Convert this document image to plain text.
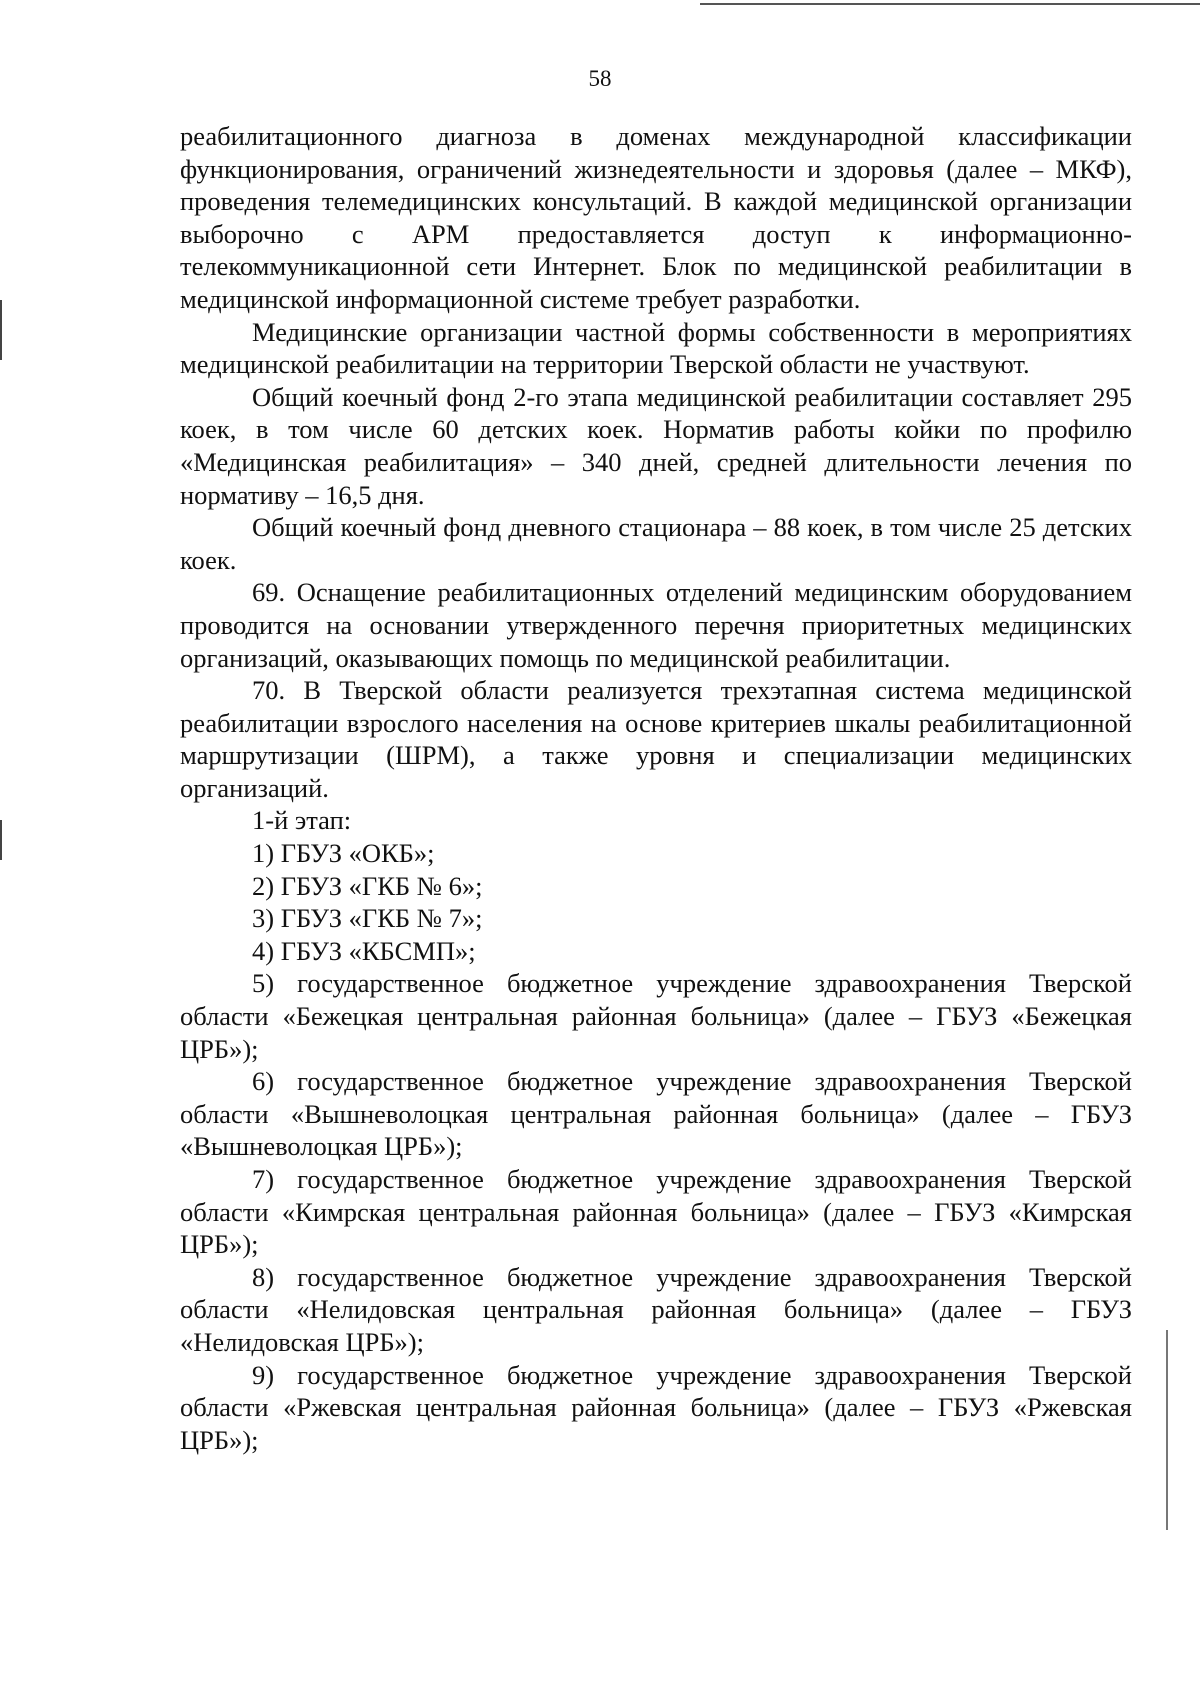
58

реабилитационного диагноза в доменах международной классификации функционирования, ограничений жизнедеятельности и здоровья (далее – МКФ), проведения телемедицинских консультаций. В каждой медицинской организации выборочно с АРМ предоставляется доступ к информационно-телекоммуникационной сети Интернет. Блок по медицинской реабилитации в медицинской информационной системе требует разработки.

Медицинские организации частной формы собственности в мероприятиях медицинской реабилитации на территории Тверской области не участвуют.

Общий коечный фонд 2-го этапа медицинской реабилитации составляет 295 коек, в том числе 60 детских коек. Норматив работы койки по профилю «Медицинская реабилитация» – 340 дней, средней длительности лечения по нормативу – 16,5 дня.

Общий коечный фонд дневного стационара – 88 коек, в том числе 25 детских коек.

69. Оснащение реабилитационных отделений медицинским оборудованием проводится на основании утвержденного перечня приоритетных медицинских организаций, оказывающих помощь по медицинской реабилитации.

70. В Тверской области реализуется трехэтапная система медицинской реабилитации взрослого населения на основе критериев шкалы реабилитационной маршрутизации (ШРМ), а также уровня и специализации медицинских организаций.

1-й этап:

1) ГБУЗ «ОКБ»;

2) ГБУЗ «ГКБ № 6»;

3) ГБУЗ «ГКБ № 7»;

4) ГБУЗ «КБСМП»;

5) государственное бюджетное учреждение здравоохранения Тверской области «Бежецкая центральная районная больница» (далее – ГБУЗ «Бежецкая ЦРБ»);

6) государственное бюджетное учреждение здравоохранения Тверской области «Вышневолоцкая центральная районная больница» (далее – ГБУЗ «Вышневолоцкая ЦРБ»);

7) государственное бюджетное учреждение здравоохранения Тверской области «Кимрская центральная районная больница» (далее – ГБУЗ «Кимрская ЦРБ»);

8) государственное бюджетное учреждение здравоохранения Тверской области «Нелидовская центральная районная больница» (далее – ГБУЗ «Нелидовская ЦРБ»);

9) государственное бюджетное учреждение здравоохранения Тверской области «Ржевская центральная районная больница» (далее – ГБУЗ «Ржевская ЦРБ»);
